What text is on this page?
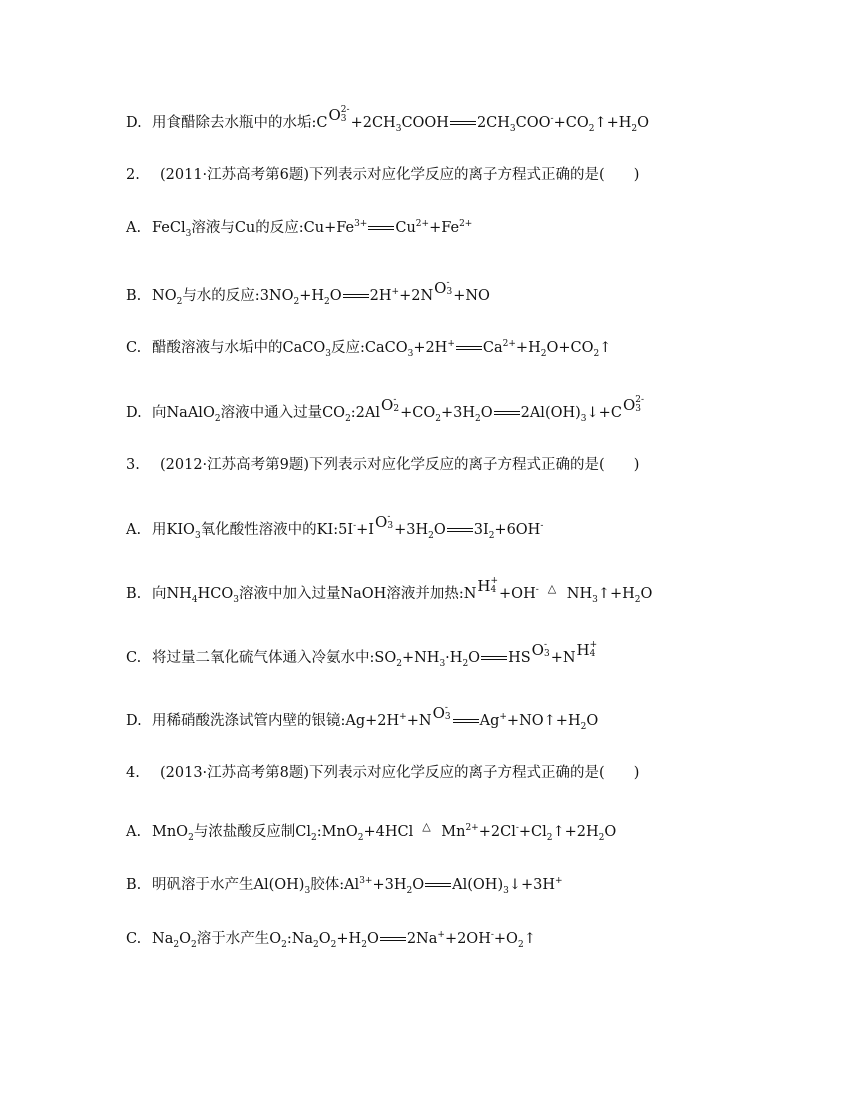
D. 用食醋除去水瓶中的水垢:CO 2-
$3 +2CH_3COOH$ $2CH_3COO^-+CO_2↑+H_2O$
2. (2011·江苏高考第6题)下列表示对应化学反应的离子方程式正确的是(　　)
A. FeCl$_3$溶液与Cu的反应$:Cu+Fe^{3+}$ $Cu^{2+}+Fe^{2+}$
B. $NO_2$与水的反应$:3NO_2+H_2O$ 2H++2NO -
3 +NO
C. 醋酸溶液与水垢中的CaCO$_3$反应:CaCO$_3$+2H+ $Ca^{2+}+H_2O+CO_2↑$
D. 向NaAlO$_2$溶液中通入过量$CO_2:2AlO$ -
$2 +CO_2+3H_2O$ $2Al(OH)_3↓+CO$ 2-
3
3. (2012·江苏高考第9题)下列表示对应化学反应的离子方程式正确的是(　　)
A. 用$KIO_3$氧化酸性溶液中的KI:5I-+IO -
$3 +3H_2O$ $3I_2+6OH^-$
B. 向$NH_4HCO_3$溶液中加入过量NaOH溶液并加热:NH +
4 +OH- △ $NH_3↑+H_2O$
C. 将过量二氧化硫气体通入冷氨水中$:SO_2+NH_3\cdot H_2O$ HSO -
3 +NH +
4
D. 用稀硝酸洗涤试管内壁的银镜:Ag+2H++NO -
3 $Ag^++NO↑+H_2O$
4. (2013·江苏高考第8题)下列表示对应化学反应的离子方程式正确的是(　　)
A. MnO$_2$与浓盐酸反应制$Cl_2:MnO_2+4HCl$ △ $Mn^{2+}+2Cl^-+Cl_2↑+2H_2O$
B. 明矾溶于水产生$Al(OH)_3$胶体$:Al^{3+}+3H_2O$ $Al(OH)_3↓+3H^+$
C. $Na_2O_2$溶于水产生$O_2:Na_2O_2+H_2O$ $2Na^++2OH^-+O_2↑$
